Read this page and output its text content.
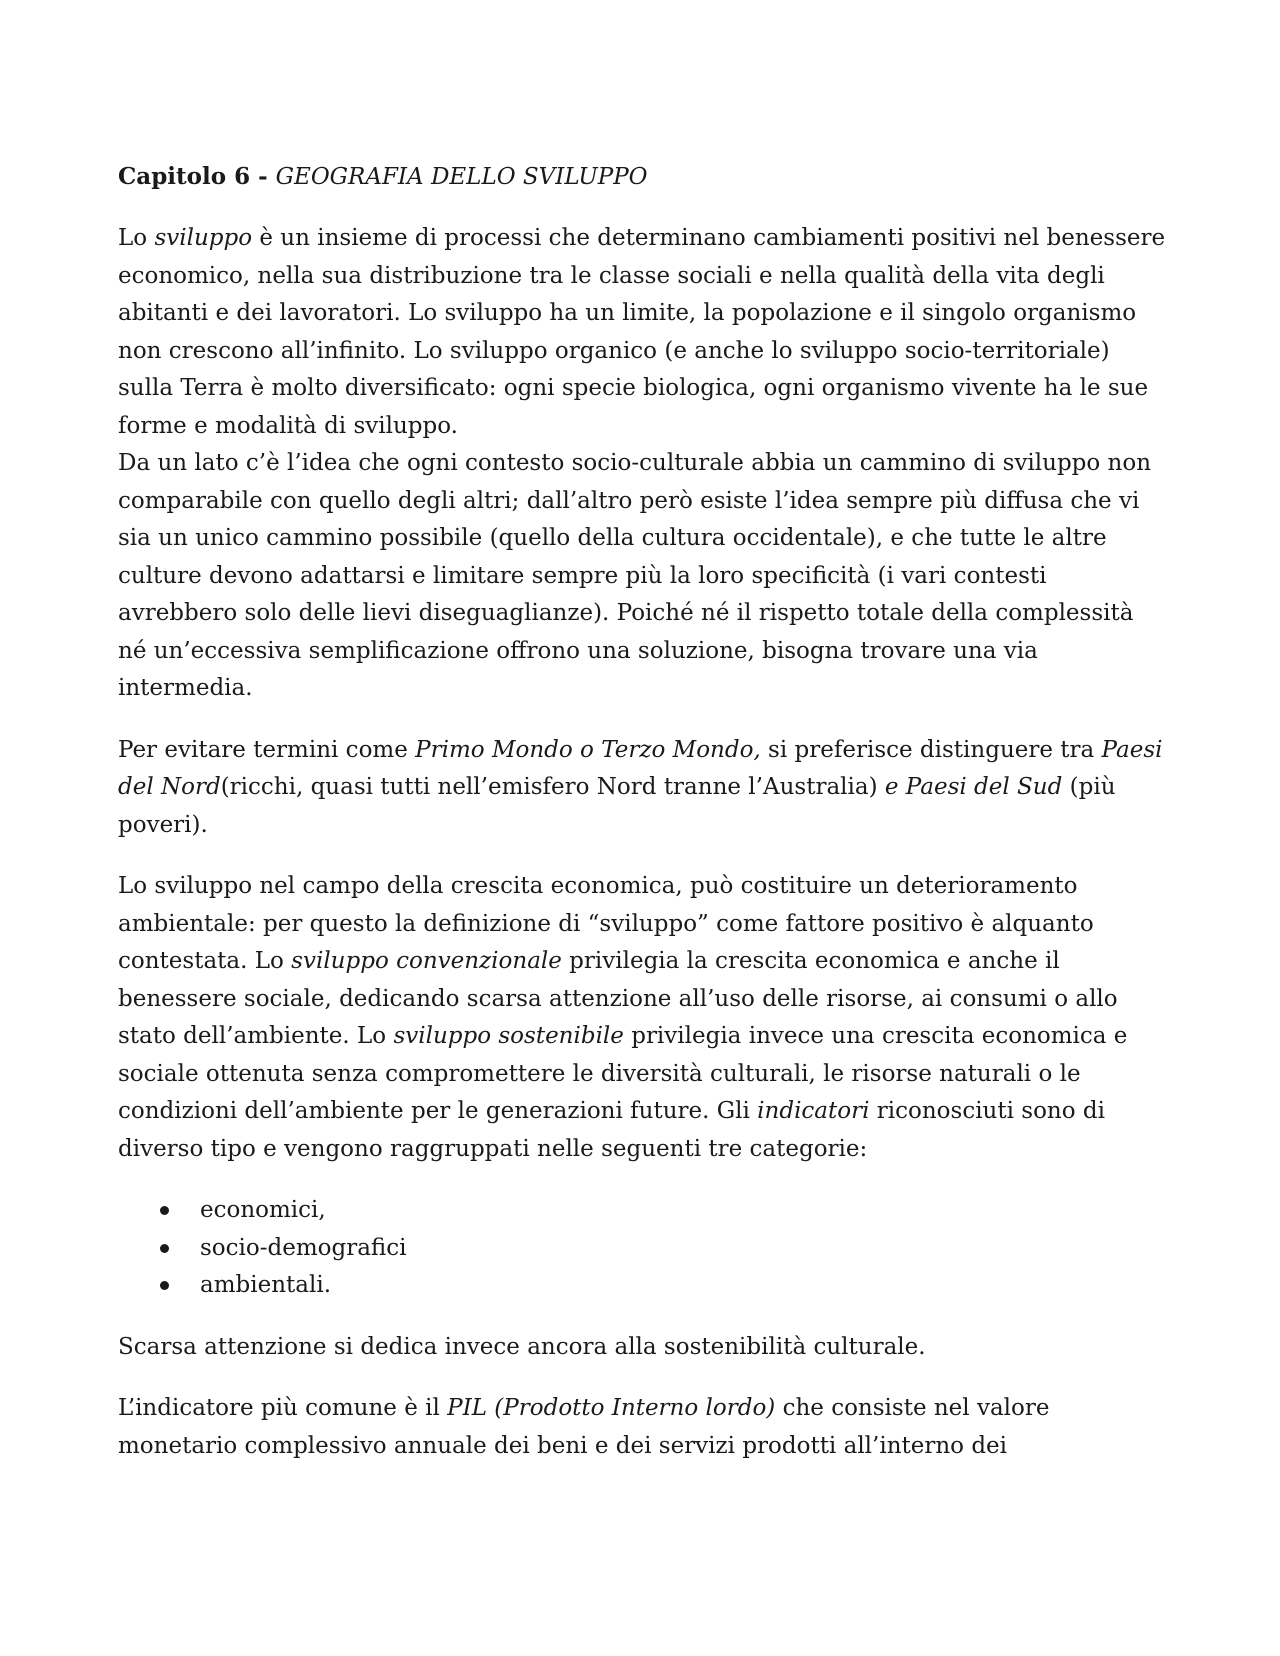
Capitolo 6 - GEOGRAFIA DELLO SVILUPPO

Lo sviluppo è un insieme di processi che determinano cambiamenti positivi nel benessere economico, nella sua distribuzione tra le classe sociali e nella qualità della vita degli abitanti e dei lavoratori. Lo sviluppo ha un limite, la popolazione e il singolo organismo non crescono all’infinito. Lo sviluppo organico (e anche lo sviluppo socio-territoriale) sulla Terra è molto diversificato: ogni specie biologica, ogni organismo vivente ha le sue forme e modalità di sviluppo.

Da un lato c’è l’idea che ogni contesto socio-culturale abbia un cammino di sviluppo non comparabile con quello degli altri; dall’altro però esiste l’idea sempre più diffusa che vi sia un unico cammino possibile (quello della cultura occidentale), e che tutte le altre culture devono adattarsi e limitare sempre più la loro specificità (i vari contesti avrebbero solo delle lievi diseguaglianze). Poiché né il rispetto totale della complessità né un’eccessiva semplificazione offrono una soluzione, bisogna trovare una via intermedia.

Per evitare termini come Primo Mondo o Terzo Mondo, si preferisce distinguere tra Paesi del Nord(ricchi, quasi tutti nell’emisfero Nord tranne l’Australia) e Paesi del Sud (più poveri).

Lo sviluppo nel campo della crescita economica, può costituire un deterioramento ambientale: per questo la definizione di “sviluppo” come fattore positivo è alquanto contestata. Lo sviluppo convenzionale privilegia la crescita economica e anche il benessere sociale, dedicando scarsa attenzione all’uso delle risorse, ai consumi o allo stato dell’ambiente. Lo sviluppo sostenibile privilegia invece una crescita economica e sociale ottenuta senza compromettere le diversità culturali, le risorse naturali o le condizioni dell’ambiente per le generazioni future. Gli indicatori riconosciuti sono di diverso tipo e vengono raggruppati nelle seguenti tre categorie:

economici,
socio-demografici
ambientali.

Scarsa attenzione si dedica invece ancora alla sostenibilità culturale.

L’indicatore più comune è il PIL (Prodotto Interno lordo) che consiste nel valore monetario complessivo annuale dei beni e dei servizi prodotti all’interno dei
